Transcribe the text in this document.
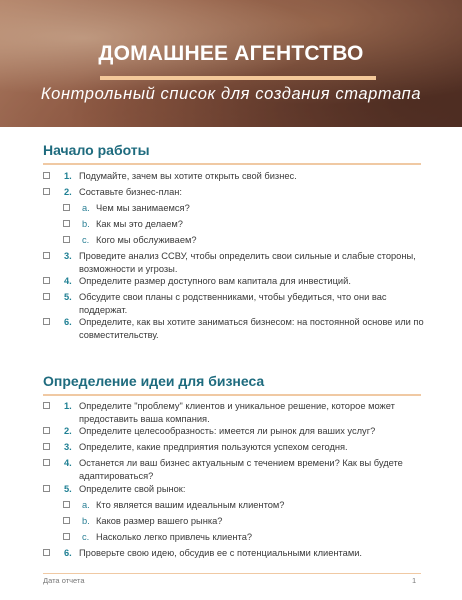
ДОМАШНЕЕ АГЕНТСТВО
Контрольный список для создания стартапа
Начало работы
1. Подумайте, зачем вы хотите открыть свой бизнес.
2. Составьте бизнес-план:
a. Чем мы занимаемся?
b. Как мы это делаем?
c. Кого мы обслуживаем?
3. Проведите анализ ССВУ, чтобы определить свои сильные и слабые стороны, возможности и угрозы.
4. Определите размер доступного вам капитала для инвестиций.
5. Обсудите свои планы с родственниками, чтобы убедиться, что они вас поддержат.
6. Определите, как вы хотите заниматься бизнесом: на постоянной основе или по совместительству.
Определение идеи для бизнеса
1. Определите "проблему" клиентов и уникальное решение, которое может предоставить ваша компания.
2. Определите целесообразность: имеется ли рынок для ваших услуг?
3. Определите, какие предприятия пользуются успехом сегодня.
4. Останется ли ваш бизнес актуальным с течением времени? Как вы будете адаптироваться?
5. Определите свой рынок:
a. Кто является вашим идеальным клиентом?
b. Каков размер вашего рынка?
c. Насколько легко привлечь клиента?
6. Проверьте свою идею, обсудив ее с потенциальными клиентами.
Дата отчета	1
